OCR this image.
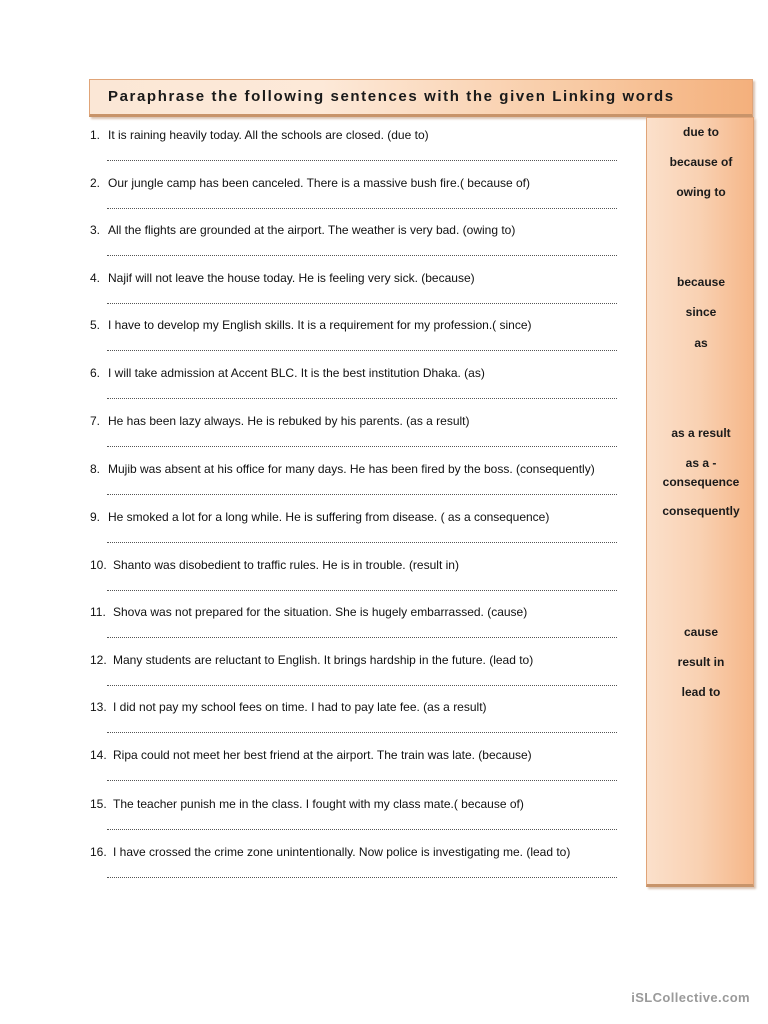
Paraphrase the following sentences with the given Linking words
due to
because of
owing to
because
since
as
as a result
as a -
consequence
consequently
cause
result in
lead to
1. It is raining heavily today. All the schools are closed. (due to)
2. Our jungle camp has been canceled. There is a massive bush fire.( because of)
3. All the flights are grounded at the airport. The weather is very bad. (owing to)
4. Najif will not leave the house today. He is feeling very sick. (because)
5. I have to develop my English skills. It is a requirement for my profession.( since)
6. I will take admission at Accent BLC. It is the best institution Dhaka. (as)
7. He has been lazy always. He is rebuked by his parents. (as a result)
8. Mujib was absent at his office for many days. He has been fired by the boss. (consequently)
9. He smoked a lot for a long while. He is suffering from disease. ( as a consequence)
10. Shanto was disobedient to traffic rules. He is in trouble. (result in)
11. Shova was not prepared for the situation. She is hugely embarrassed. (cause)
12. Many students are reluctant to English. It brings hardship in the future. (lead to)
13. I did not pay my school fees on time. I had to pay late fee. (as a result)
14. Ripa could not meet her best friend at the airport. The train was late. (because)
15. The teacher punish me in the class. I fought with my class mate.( because of)
16. I have crossed the crime zone unintentionally. Now police is investigating me. (lead to)
iSLCollective.com
